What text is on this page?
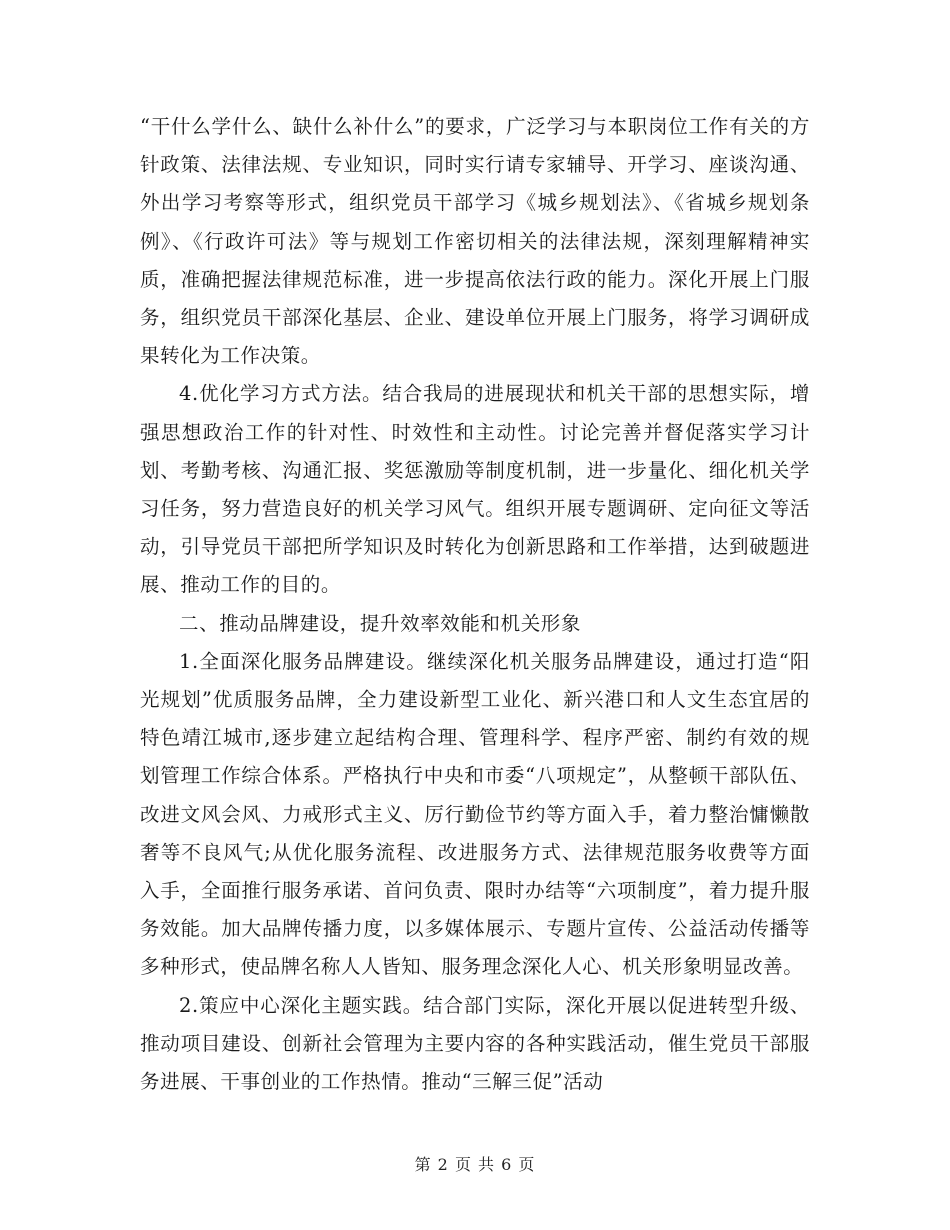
“干什么学什么、缺什么补什么”的要求，广泛学习与本职岗位工作有关的方针政策、法律法规、专业知识，同时实行请专家辅导、开学习、座谈沟通、外出学习考察等形式，组织党员干部学习《城乡规划法》、《省城乡规划条例》、《行政许可法》等与规划工作密切相关的法律法规，深刻理解精神实质，准确把握法律规范标准，进一步提高依法行政的能力。深化开展上门服务，组织党员干部深化基层、企业、建设单位开展上门服务，将学习调研成果转化为工作决策。

4.优化学习方式方法。结合我局的进展现状和机关干部的思想实际，增强思想政治工作的针对性、时效性和主动性。讨论完善并督促落实学习计划、考勤考核、沟通汇报、奖惩激励等制度机制，进一步量化、细化机关学习任务，努力营造良好的机关学习风气。组织开展专题调研、定向征文等活动，引导党员干部把所学知识及时转化为创新思路和工作举措，达到破题进展、推动工作的目的。

二、推动品牌建设，提升效率效能和机关形象

1.全面深化服务品牌建设。继续深化机关服务品牌建设，通过打造“阳光规划”优质服务品牌，全力建设新型工业化、新兴港口和人文生态宜居的特色靖江城市,逐步建立起结构合理、管理科学、程序严密、制约有效的规划管理工作综合体系。严格执行中央和市委“八项规定”，从整顿干部队伍、改进文风会风、力戒形式主义、厉行勤俭节约等方面入手，着力整治慵懒散奢等不良风气;从优化服务流程、改进服务方式、法律规范服务收费等方面入手，全面推行服务承诺、首问负责、限时办结等“六项制度”，着力提升服务效能。加大品牌传播力度，以多媒体展示、专题片宣传、公益活动传播等多种形式，使品牌名称人人皆知、服务理念深化人心、机关形象明显改善。

2.策应中心深化主题实践。结合部门实际，深化开展以促进转型升级、推动项目建设、创新社会管理为主要内容的各种实践活动，催生党员干部服务进展、干事创业的工作热情。推动“三解三促”活动

第 2 页 共 6 页
